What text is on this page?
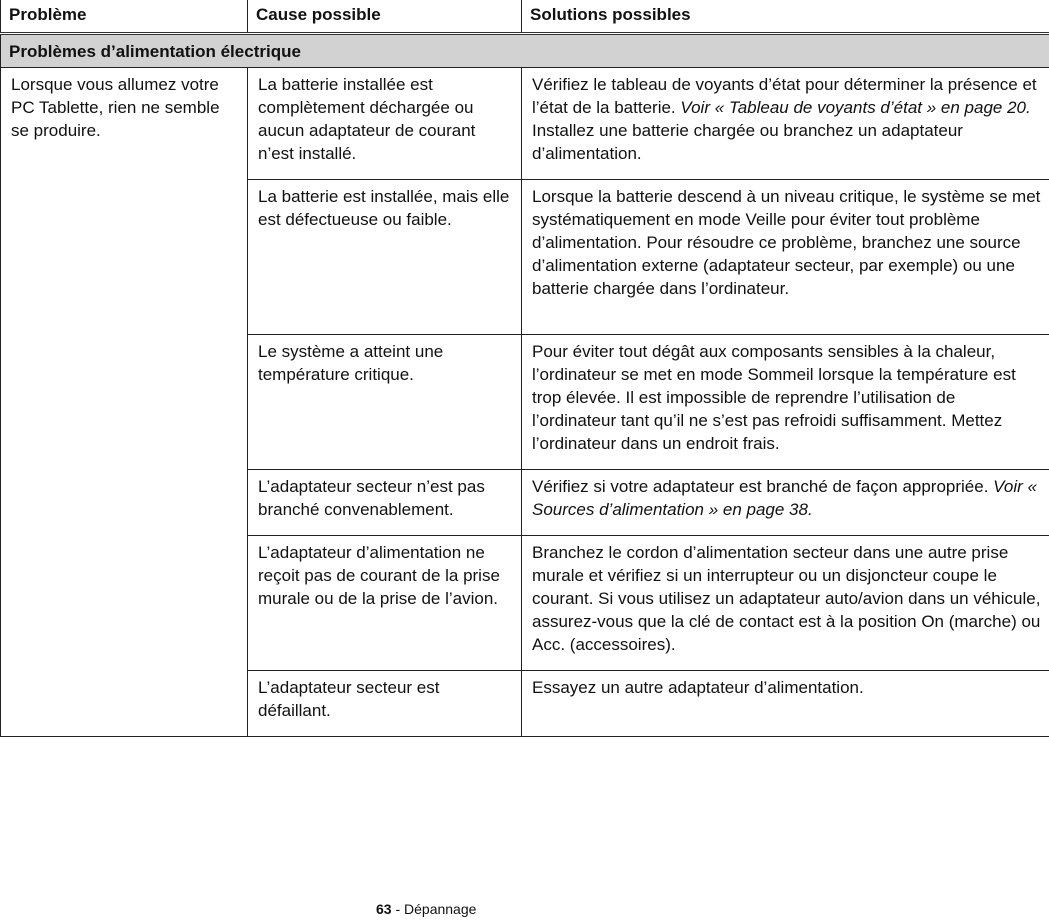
Problème	Cause possible	Solutions possibles
Problèmes d’alimentation électrique		
Lorsque vous allumez votre PC Tablette, rien ne semble se produire.	La batterie installée est complètement déchargée ou aucun adaptateur de courant n’est installé.	Vérifiez le tableau de voyants d’état pour déterminer la présence et l’état de la batterie. Voir « Tableau de voyants d’état » en page 20. Installez une batterie chargée ou branchez un adaptateur d’alimentation.
	La batterie est installée, mais elle est défectueuse ou faible.	Lorsque la batterie descend à un niveau critique, le système se met systématiquement en mode Veille pour éviter tout problème d’alimentation. Pour résoudre ce problème, branchez une source d’alimentation externe (adaptateur secteur, par exemple) ou une batterie chargée dans l’ordinateur.
	Le système a atteint une température critique.	Pour éviter tout dégât aux composants sensibles à la chaleur, l’ordinateur se met en mode Sommeil lorsque la température est trop élevée. Il est impossible de reprendre l’utilisation de l’ordinateur tant qu’il ne s’est pas refroidi suffisamment. Mettez l’ordinateur dans un endroit frais.
	L’adaptateur secteur n’est pas branché convenablement.	Vérifiez si votre adaptateur est branché de façon appropriée. Voir « Sources d’alimentation » en page 38.
	L’adaptateur d’alimentation ne reçoit pas de courant de la prise murale ou de la prise de l’avion.	Branchez le cordon d’alimentation secteur dans une autre prise murale et vérifiez si un interrupteur ou un disjoncteur coupe le courant. Si vous utilisez un adaptateur auto/avion dans un véhicule, assurez-vous que la clé de contact est à la position On (marche) ou Acc. (accessoires).
	L’adaptateur secteur est défaillant.	Essayez un autre adaptateur d’alimentation.
63 - Dépannage
